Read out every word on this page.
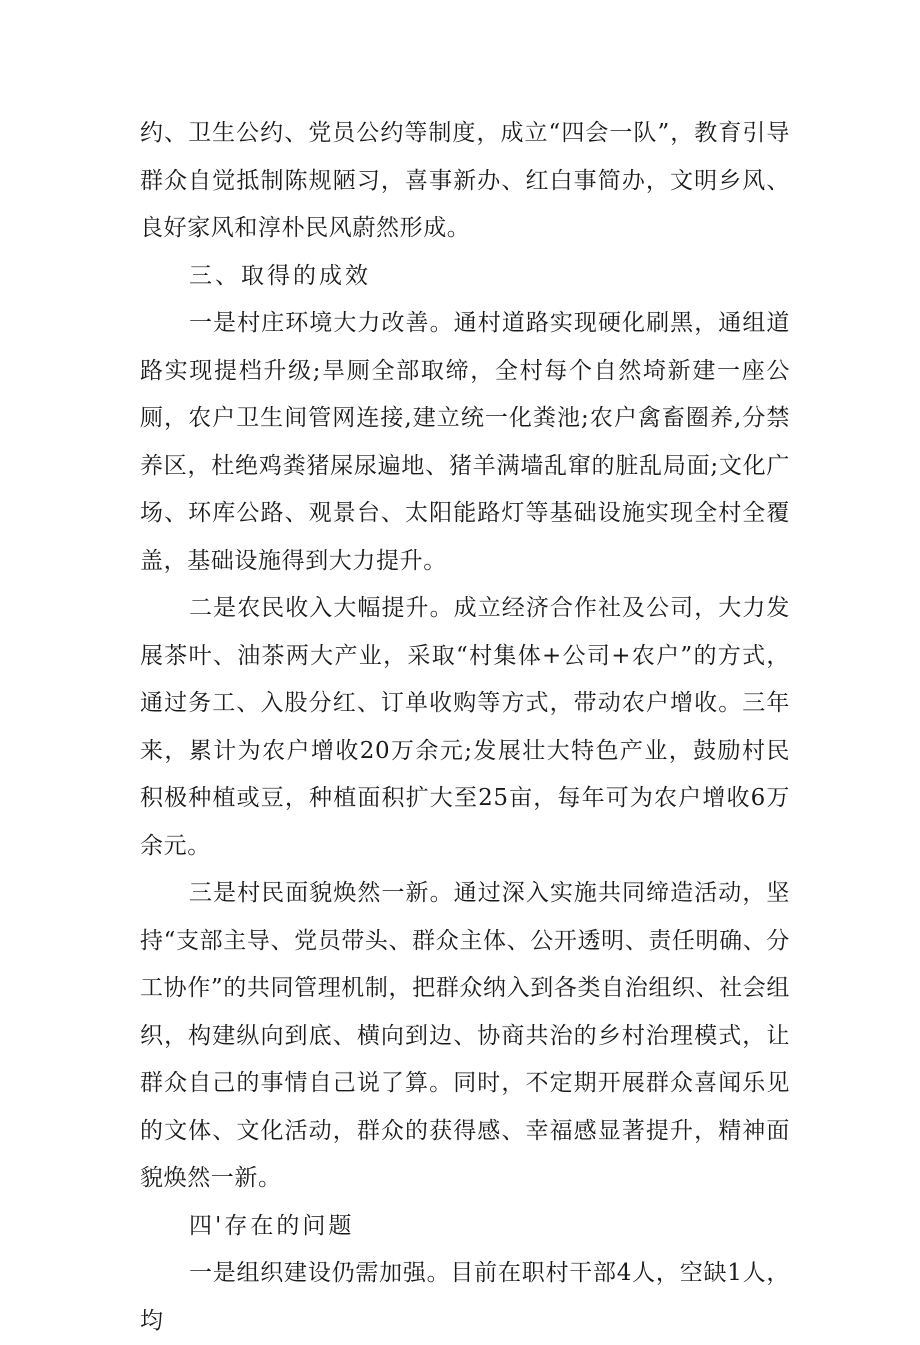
约、卫生公约、党员公约等制度，成立“四会一队”，教育引导群众自觉抵制陈规陋习，喜事新办、红白事简办，文明乡风、良好家风和淳朴民风蔚然形成。

三、取得的成效

一是村庄环境大力改善。通村道路实现硬化刷黑，通组道路实现提档升级;旱厕全部取缔，全村每个自然埼新建一座公厕，农户卫生间管网连接,建立统一化粪池;农户禽畜圈养,分禁养区，杜绝鸡粪猪屎尿遍地、猪羊满墙乱窜的脏乱局面;文化广场、环库公路、观景台、太阳能路灯等基础设施实现全村全覆盖，基础设施得到大力提升。

二是农民收入大幅提升。成立经济合作社及公司，大力发展茶叶、油茶两大产业，采取“村集体+公司+农户”的方式，通过务工、入股分红、订单收购等方式，带动农户增收。三年来，累计为农户增收20万余元;发展壮大特色产业，鼓励村民积极种植或豆，种植面积扩大至25亩，每年可为农户增收6万余元。

三是村民面貌焕然一新。通过深入实施共同缔造活动，坚持“支部主导、党员带头、群众主体、公开透明、责任明确、分工协作”的共同管理机制，把群众纳入到各类自治组织、社会组织，构建纵向到底、横向到边、协商共治的乡村治理模式，让群众自己的事情自己说了算。同时，不定期开展群众喜闻乐见的文体、文化活动，群众的获得感、幸福感显著提升，精神面貌焕然一新。

四'存在的问题

一是组织建设仍需加强。目前在职村干部4人，空缺1人，均
